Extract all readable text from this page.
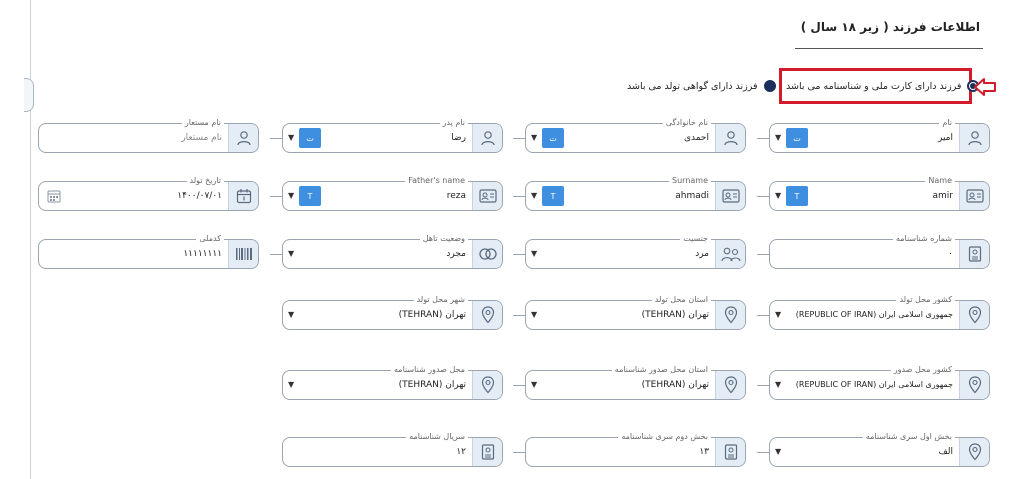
اطلاعات فرزند ( زیر ۱۸ سال )
فرزند دارای کارت ملی و شناسنامه می باشد
فرزند دارای گواهی تولد می باشد
نام
امیر
▼	ت
نام خانوادگی
احمدی
▼	ت
نام پدر
رضا
▼	ت
نام مستعار
نام مستعار
Name
amir
▼	T
Surname
ahmadi
▼	T
Father's name
reza
▼	T
تاریخ تولد
۱۴۰۰/۰۷/۰۱
شماره شناسنامه
۰
جنسیت
مرد
▼
وضعیت تاهل
مجرد
▼
کدملی
۱۱۱۱۱۱۱۱
کشور محل تولد
جمهوری اسلامی ایران (REPUBLIC OF IRAN)
▼
استان محل تولد
تهران (TEHRAN)
▼
شهر محل تولد
تهران (TEHRAN)
▼
کشور محل صدور
جمهوری اسلامی ایران (REPUBLIC OF IRAN)
▼
استان محل صدور شناسنامه
تهران (TEHRAN)
▼
محل صدور شناسنامه
تهران (TEHRAN)
▼
بخش اول سری شناسنامه
الف
▼
بخش دوم سری شناسنامه
۱۳
سریال شناسنامه
۱۲
